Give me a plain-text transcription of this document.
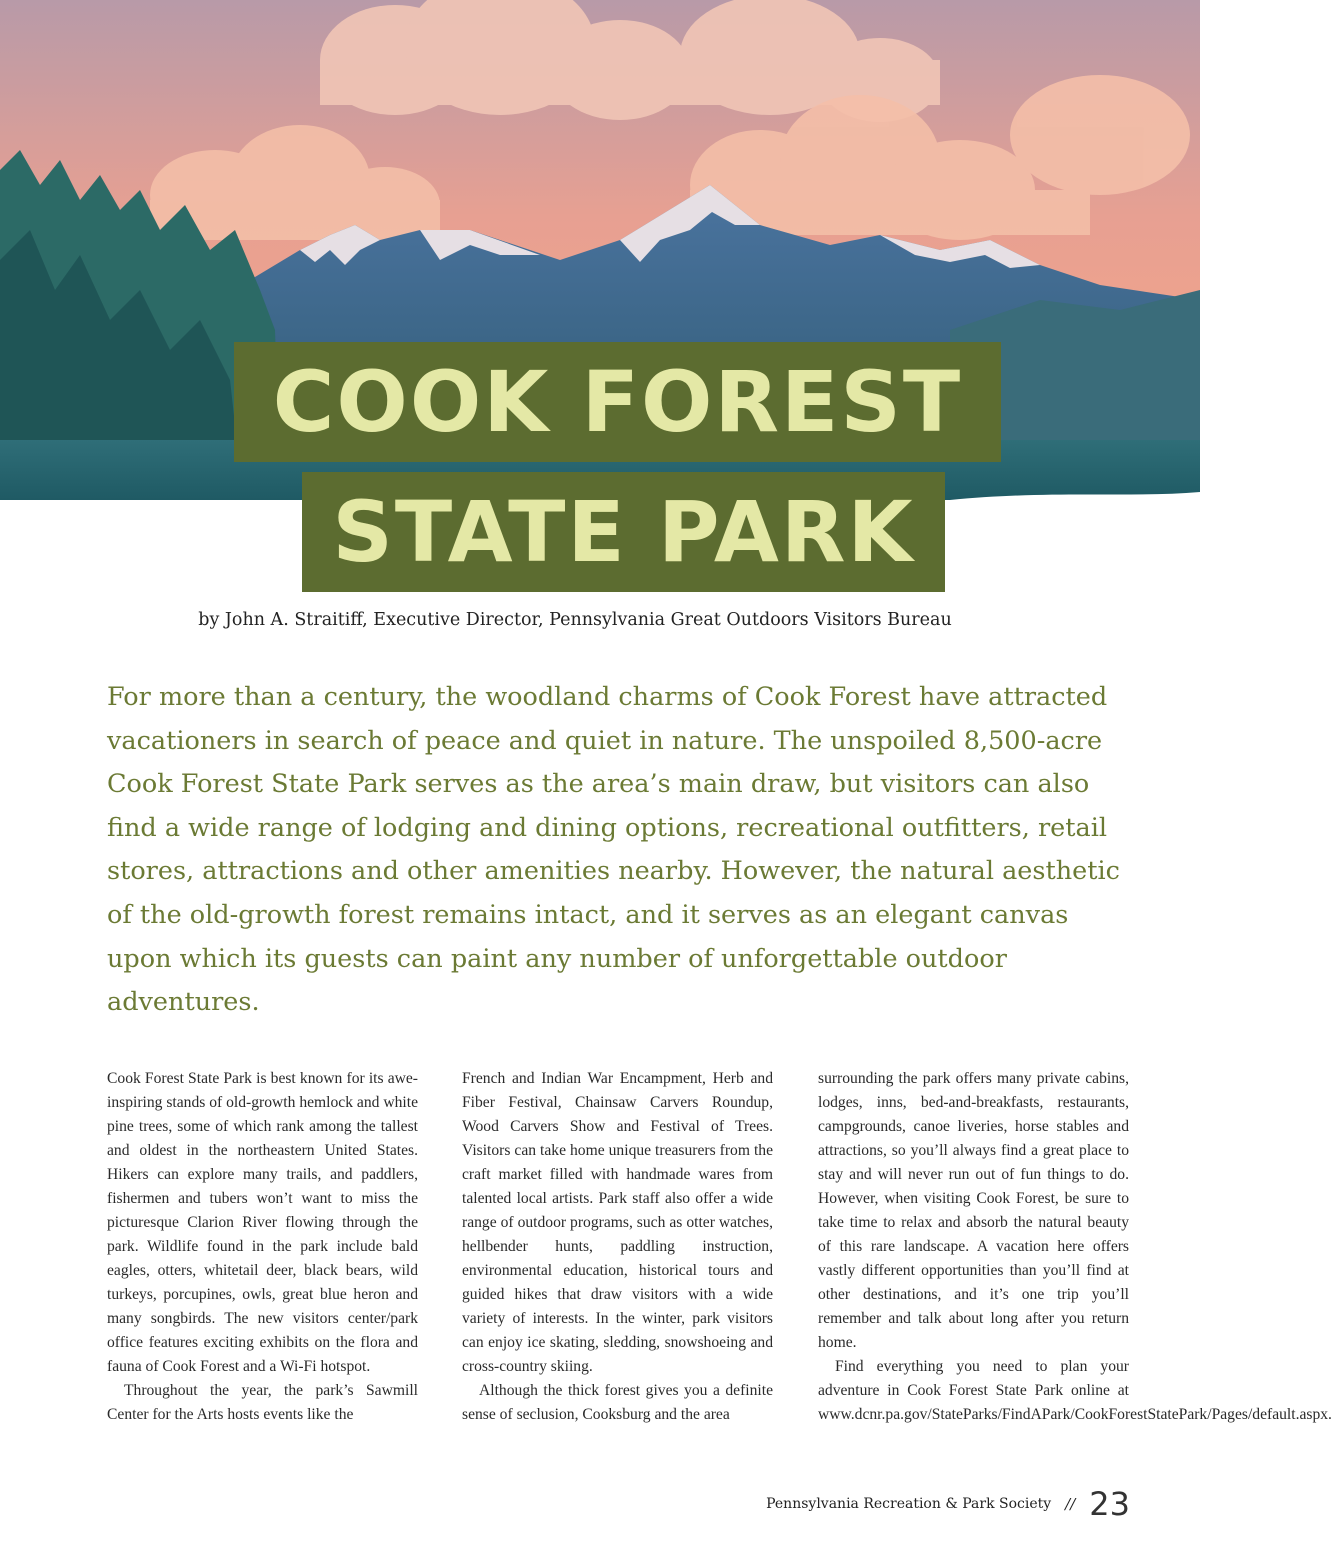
COOK FOREST
STATE PARK
by John A. Straitiff, Executive Director, Pennsylvania Great Outdoors Visitors Bureau

For more than a century, the woodland charms of Cook Forest have attracted vacationers in search of peace and quiet in nature. The unspoiled 8,500-acre Cook Forest State Park serves as the area’s main draw, but visitors can also find a wide range of lodging and dining options, recreational outfitters, retail stores, attractions and other amenities nearby. However, the natural aesthetic of the old-growth forest remains intact, and it serves as an elegant canvas upon which its guests can paint any number of unforgettable outdoor adventures.

Cook Forest State Park is best known for its awe-inspiring stands of old-growth hemlock and white pine trees, some of which rank among the tallest and oldest in the northeastern United States. Hikers can explore many trails, and paddlers, fishermen and tubers won’t want to miss the picturesque Clarion River flowing through the park. Wildlife found in the park include bald eagles, otters, whitetail deer, black bears, wild turkeys, porcupines, owls, great blue heron and many songbirds. The new visitors center/park office features exciting exhibits on the flora and fauna of Cook Forest and a Wi-Fi hotspot.

Throughout the year, the park’s Sawmill Center for the Arts hosts events like the

French and Indian War Encampment, Herb and Fiber Festival, Chainsaw Carvers Roundup, Wood Carvers Show and Festival of Trees. Visitors can take home unique treasurers from the craft market filled with handmade wares from talented local artists. Park staff also offer a wide range of outdoor programs, such as otter watches, hellbender hunts, paddling instruction, environmental education, historical tours and guided hikes that draw visitors with a wide variety of interests. In the winter, park visitors can enjoy ice skating, sledding, snowshoeing and cross-country skiing.

Although the thick forest gives you a definite sense of seclusion, Cooksburg and the area

surrounding the park offers many private cabins, lodges, inns, bed-and-breakfasts, restaurants, campgrounds, canoe liveries, horse stables and attractions, so you’ll always find a great place to stay and will never run out of fun things to do. However, when visiting Cook Forest, be sure to take time to relax and absorb the natural beauty of this rare landscape. A vacation here offers vastly different opportunities than you’ll find at other destinations, and it’s one trip you’ll remember and talk about long after you return home.

Find everything you need to plan your adventure in Cook Forest State Park online at www.dcnr.pa.gov/StateParks/FindAPark/CookForestStatePark/Pages/default.aspx.

Pennsylvania Recreation & Park Society // 23
